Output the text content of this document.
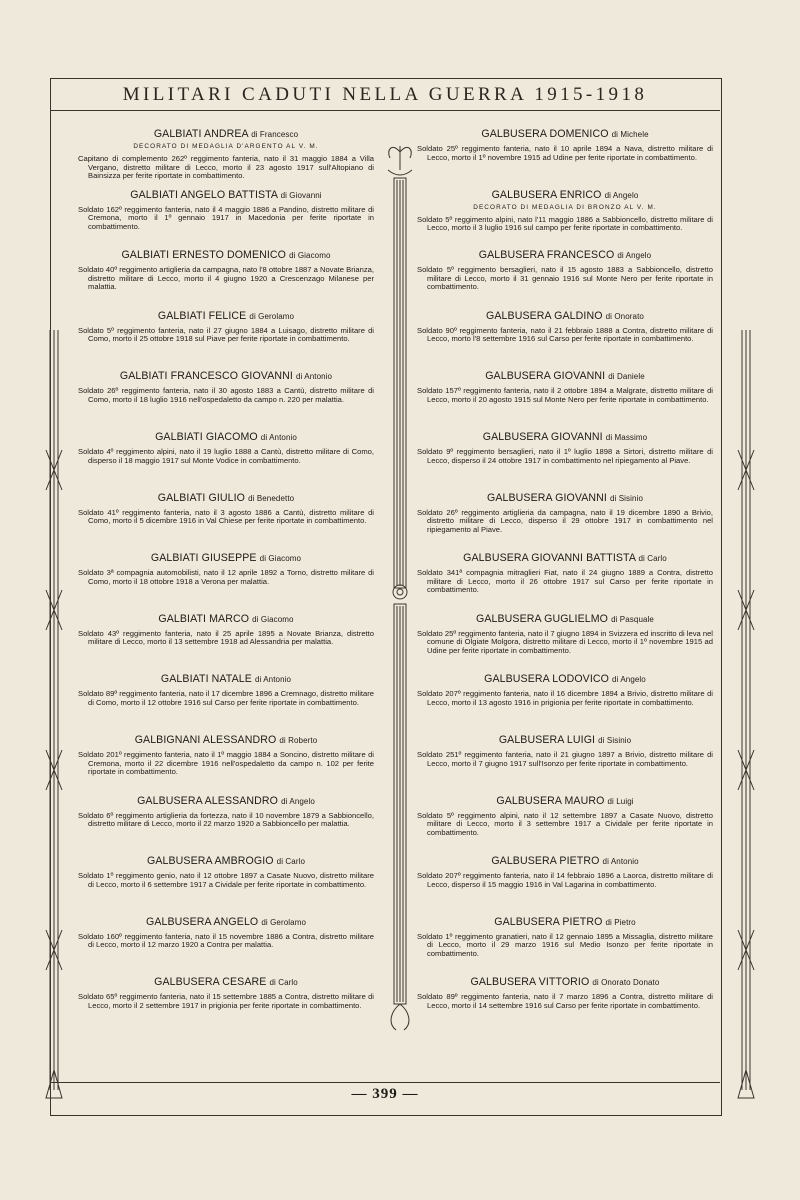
MILITARI CADUTI NELLA GUERRA 1915-1918
GALBIATI ANDREA di Francesco
DECORATO DI MEDAGLIA D'ARGENTO AL V. M.
Capitano di complemento 262º reggimento fanteria, nato il 31 maggio 1884 a Villa Vergano, distretto militare di Lecco, morto il 23 agosto 1917 sull'Altopiano di Bainsizza per ferite riportate in combattimento.
GALBIATI ANGELO BATTISTA di Giovanni
Soldato 162º reggimento fanteria, nato il 4 maggio 1886 a Pandino, distretto militare di Cremona, morto il 1º gennaio 1917 in Macedonia per ferite riportate in combattimento.
GALBIATI ERNESTO DOMENICO di Giacomo
Soldato 40º reggimento artiglieria da campagna, nato l'8 ottobre 1887 a Novate Brianza, distretto militare di Lecco, morto il 4 giugno 1920 a Crescenzago Milanese per malattia.
GALBIATI FELICE di Gerolamo
Soldato 5º reggimento fanteria, nato il 27 giugno 1884 a Luisago, distretto militare di Como, morto il 25 ottobre 1918 sul Piave per ferite riportate in combattimento.
GALBIATI FRANCESCO GIOVANNI di Antonio
Soldato 26º reggimento fanteria, nato il 30 agosto 1883 a Cantù, distretto militare di Como, morto il 18 luglio 1916 nell'ospedaletto da campo n. 220 per malattia.
GALBIATI GIACOMO di Antonio
Soldato 4º reggimento alpini, nato il 19 luglio 1888 a Cantù, distretto militare di Como, disperso il 18 maggio 1917 sul Monte Vodice in combattimento.
GALBIATI GIULIO di Benedetto
Soldato 41º reggimento fanteria, nato il 3 agosto 1886 a Cantù, distretto militare di Como, morto il 5 dicembre 1916 in Val Chiese per ferite riportate in combattimento.
GALBIATI GIUSEPPE di Giacomo
Soldato 3ª compagnia automobilisti, nato il 12 aprile 1892 a Torno, distretto militare di Como, morto il 18 ottobre 1918 a Verona per malattia.
GALBIATI MARCO di Giacomo
Soldato 43º reggimento fanteria, nato il 25 aprile 1895 a Novate Brianza, distretto militare di Lecco, morto il 13 settembre 1918 ad Alessandria per malattia.
GALBIATI NATALE di Antonio
Soldato 89º reggimento fanteria, nato il 17 dicembre 1896 a Cremnago, distretto militare di Como, morto il 12 ottobre 1916 sul Carso per ferite riportate in combattimento.
GALBIGNANI ALESSANDRO di Roberto
Soldato 201º reggimento fanteria, nato il 1º maggio 1884 a Soncino, distretto militare di Cremona, morto il 22 dicembre 1916 nell'ospedaletto da campo n. 102 per ferite riportate in combattimento.
GALBUSERA ALESSANDRO di Angelo
Soldato 6º reggimento artiglieria da fortezza, nato il 10 novembre 1879 a Sabbioncello, distretto militare di Lecco, morto il 22 marzo 1920 a Sabbioncello per malattia.
GALBUSERA AMBROGIO di Carlo
Soldato 1º reggimento genio, nato il 12 ottobre 1897 a Casate Nuovo, distretto militare di Lecco, morto il 6 settembre 1917 a Cividale per ferite riportate in combattimento.
GALBUSERA ANGELO di Gerolamo
Soldato 160º reggimento fanteria, nato il 15 novembre 1886 a Contra, distretto militare di Lecco, morto il 12 marzo 1920 a Contra per malattia.
GALBUSERA CESARE di Carlo
Soldato 65º reggimento fanteria, nato il 15 settembre 1885 a Contra, distretto militare di Lecco, morto il 2 settembre 1917 in prigionia per ferite riportate in combattimento.
GALBUSERA DOMENICO di Michele
Soldato 25º reggimento fanteria, nato il 10 aprile 1894 a Nava, distretto militare di Lecco, morto il 1º novembre 1915 ad Udine per ferite riportate in combattimento.
GALBUSERA ENRICO di Angelo
DECORATO DI MEDAGLIA DI BRONZO AL V. M.
Soldato 5º reggimento alpini, nato l'11 maggio 1886 a Sabbioncello, distretto militare di Lecco, morto il 3 luglio 1916 sul campo per ferite riportate in combattimento.
GALBUSERA FRANCESCO di Angelo
Soldato 5º reggimento bersaglieri, nato il 15 agosto 1883 a Sabbioncello, distretto militare di Lecco, morto il 31 gennaio 1916 sul Monte Nero per ferite riportate in combattimento.
GALBUSERA GALDINO di Onorato
Soldato 90º reggimento fanteria, nato il 21 febbraio 1888 a Contra, distretto militare di Lecco, morto l'8 settembre 1916 sul Carso per ferite riportate in combattimento.
GALBUSERA GIOVANNI di Daniele
Soldato 157º reggimento fanteria, nato il 2 ottobre 1894 a Malgrate, distretto militare di Lecco, morto il 20 agosto 1915 sul Monte Nero per ferite riportate in combattimento.
GALBUSERA GIOVANNI di Massimo
Soldato 9º reggimento bersaglieri, nato il 1º luglio 1898 a Sirtori, distretto militare di Lecco, disperso il 24 ottobre 1917 in combattimento nel ripiegamento al Piave.
GALBUSERA GIOVANNI di Sisinio
Soldato 26º reggimento artiglieria da campagna, nato il 19 dicembre 1890 a Brivio, distretto militare di Lecco, disperso il 29 ottobre 1917 in combattimento nel ripiegamento al Piave.
GALBUSERA GIOVANNI BATTISTA di Carlo
Soldato 341ª compagnia mitraglieri Fiat, nato il 24 giugno 1889 a Contra, distretto militare di Lecco, morto il 26 ottobre 1917 sul Carso per ferite riportate in combattimento.
GALBUSERA GUGLIELMO di Pasquale
Soldato 25º reggimento fanteria, nato il 7 giugno 1894 in Svizzera ed inscritto di leva nel comune di Olgiate Molgora, distretto militare di Lecco, morto il 1º novembre 1915 ad Udine per ferite riportate in combattimento.
GALBUSERA LODOVICO di Angelo
Soldato 207º reggimento fanteria, nato il 16 dicembre 1894 a Brivio, distretto militare di Lecco, morto il 13 agosto 1916 in prigionia per ferite riportate in combattimento.
GALBUSERA LUIGI di Sisinio
Soldato 251º reggimento fanteria, nato il 21 giugno 1897 a Brivio, distretto militare di Lecco, morto il 7 giugno 1917 sull'Isonzo per ferite riportate in combattimento.
GALBUSERA MAURO di Luigi
Soldato 5º reggimento alpini, nato il 12 settembre 1897 a Casate Nuovo, distretto militare di Lecco, morto il 3 settembre 1917 a Cividale per ferite riportate in combattimento.
GALBUSERA PIETRO di Antonio
Soldato 207º reggimento fanteria, nato il 14 febbraio 1896 a Laorca, distretto militare di Lecco, disperso il 15 maggio 1916 in Val Lagarina in combattimento.
GALBUSERA PIETRO di Pietro
Soldato 1º reggimento granatieri, nato il 12 gennaio 1895 a Missaglia, distretto militare di Lecco, morto il 29 marzo 1916 sul Medio Isonzo per ferite riportate in combattimento.
GALBUSERA VITTORIO di Onorato Donato
Soldato 89º reggimento fanteria, nato il 7 marzo 1896 a Contra, distretto militare di Lecco, morto il 14 settembre 1916 sul Carso per ferite riportate in combattimento.
— 399 —
